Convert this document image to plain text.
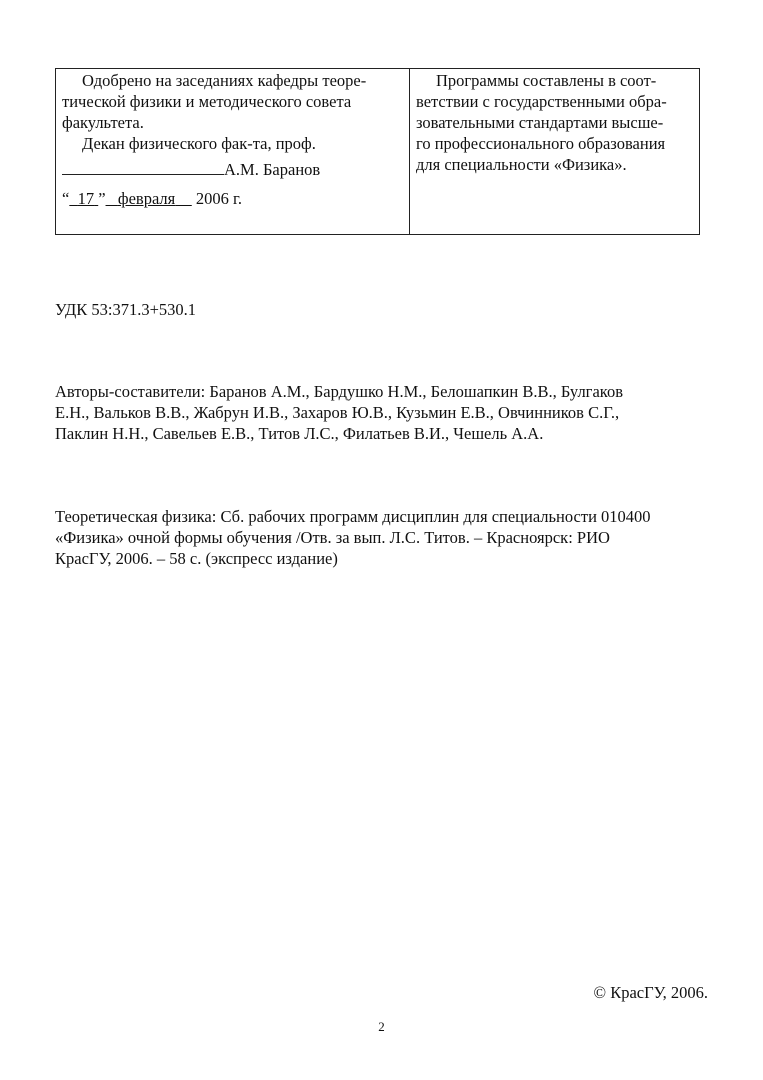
Одобрено на заседаниях кафедры теоре-
тической физики и методического совета
факультета.
Декан физического фак-та, проф.
А.М. Баранов
“ 17 ” февраля 2006 г.
Программы составлены в соот-
ветствии с государственными обра-
зовательными стандартами высше-
го профессионального образования
для специальности «Физика».
УДК 53:371.3+530.1
Авторы-составители: Баранов А.М., Бардушко Н.М., Белошапкин В.В., Булгаков
Е.Н., Вальков В.В., Жабрун И.В., Захаров Ю.В., Кузьмин Е.В., Овчинников С.Г.,
Паклин Н.Н., Савельев Е.В., Титов Л.С., Филатьев В.И., Чешель А.А.
Теоретическая физика: Сб. рабочих программ дисциплин для специальности 010400
«Физика» очной формы обучения /Отв. за вып. Л.С. Титов. – Красноярск: РИО
КрасГУ, 2006. – 58 с. (экспресс издание)
© КрасГУ, 2006.
2
